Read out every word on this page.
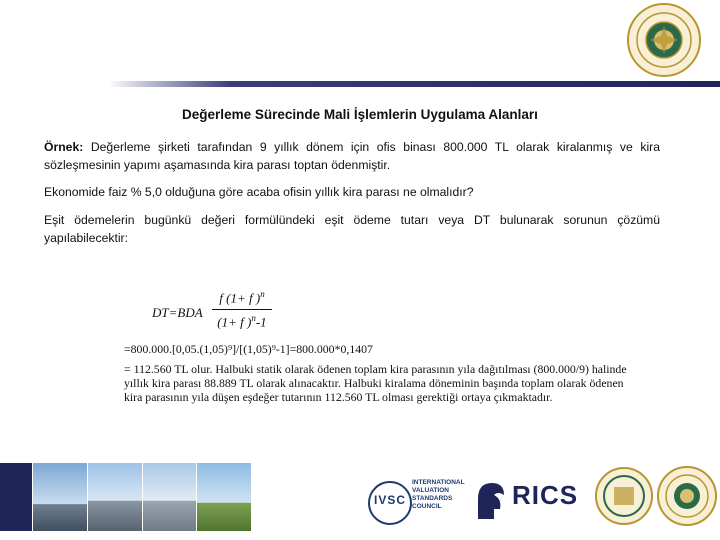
Değerleme Sürecinde Mali İşlemlerin Uygulama Alanları
Örnek: Değerleme şirketi tarafından 9 yıllık dönem için ofis binası 800.000 TL olarak kiralanmış ve kira sözleşmesinin yapımı aşamasında kira parası toptan ödenmiştir.
Ekonomide faiz % 5,0 olduğuna göre acaba ofisin yıllık kira parası ne olmalıdır?
Eşit ödemelerin bugünkü değeri formülündeki eşit ödeme tutarı veya DT bulunarak sorunun çözümü yapılabilecektir:
DT=BDA
f (1+ f )$^n$
(1+ f )$^n$-1
=800.000.[0,05.(1,05)⁹]/[(1,05)⁹-1]=800.000*0,1407
= 112.560 TL olur. Halbuki statik olarak ödenen toplam kira parasının yıla dağıtılması (800.000/9) halinde yıllık kira parası 88.889 TL olarak alınacaktır. Halbuki kiralama döneminin başında toplam olarak ödenen kira parasının yıla düşen eşdeğer tutarının 112.560 TL olması gerektiği ortaya çıkmaktadır.
IVSC
INTERNATIONAL VALUATION STANDARDS COUNCIL	RICS
